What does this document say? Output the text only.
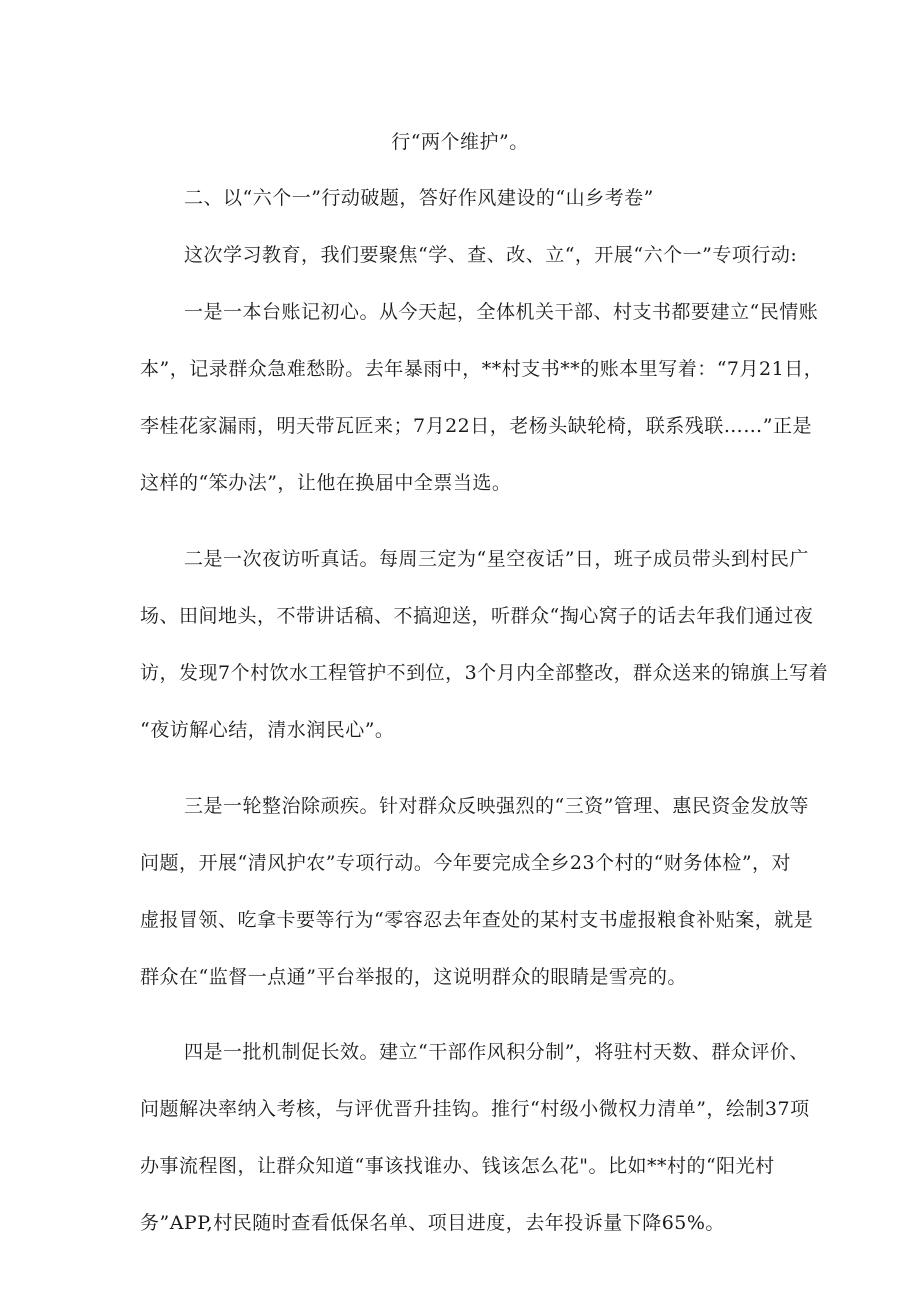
行“两个维护”。
二、以“六个一”行动破题，答好作风建设的“山乡考卷”
这次学习教育，我们要聚焦“学、查、改、立“，开展“六个一”专项行动:
一是一本台账记初心。从今天起，全体机关干部、村支书都要建立“民情账
本”，记录群众急难愁盼。去年暴雨中，**村支书**的账本里写着：“7月21日，
李桂花家漏雨，明天带瓦匠来；7月22日，老杨头缺轮椅，联系残联……”正是
这样的“笨办法”，让他在换届中全票当选。
二是一次夜访听真话。每周三定为“星空夜话”日，班子成员带头到村民广
场、田间地头，不带讲话稿、不搞迎送，听群众“掏心窝子的话去年我们通过夜
访，发现7个村饮水工程管护不到位，3个月内全部整改，群众送来的锦旗上写着
“夜访解心结，清水润民心”。
三是一轮整治除顽疾。针对群众反映强烈的“三资”管理、惠民资金发放等
问题，开展“清风护农”专项行动。今年要完成全乡23个村的“财务体检”，对
虚报冒领、吃拿卡要等行为“零容忍去年查处的某村支书虚报粮食补贴案，就是
群众在“监督一点通”平台举报的，这说明群众的眼睛是雪亮的。
四是一批机制促长效。建立“干部作风积分制”，将驻村天数、群众评价、
问题解决率纳入考核，与评优晋升挂钩。推行“村级小微权力清单”，绘制37项
办事流程图，让群众知道“事该找谁办、钱该怎么花"。比如**村的“阳光村
务”APP,村民随时查看低保名单、项目进度，去年投诉量下降65%。
